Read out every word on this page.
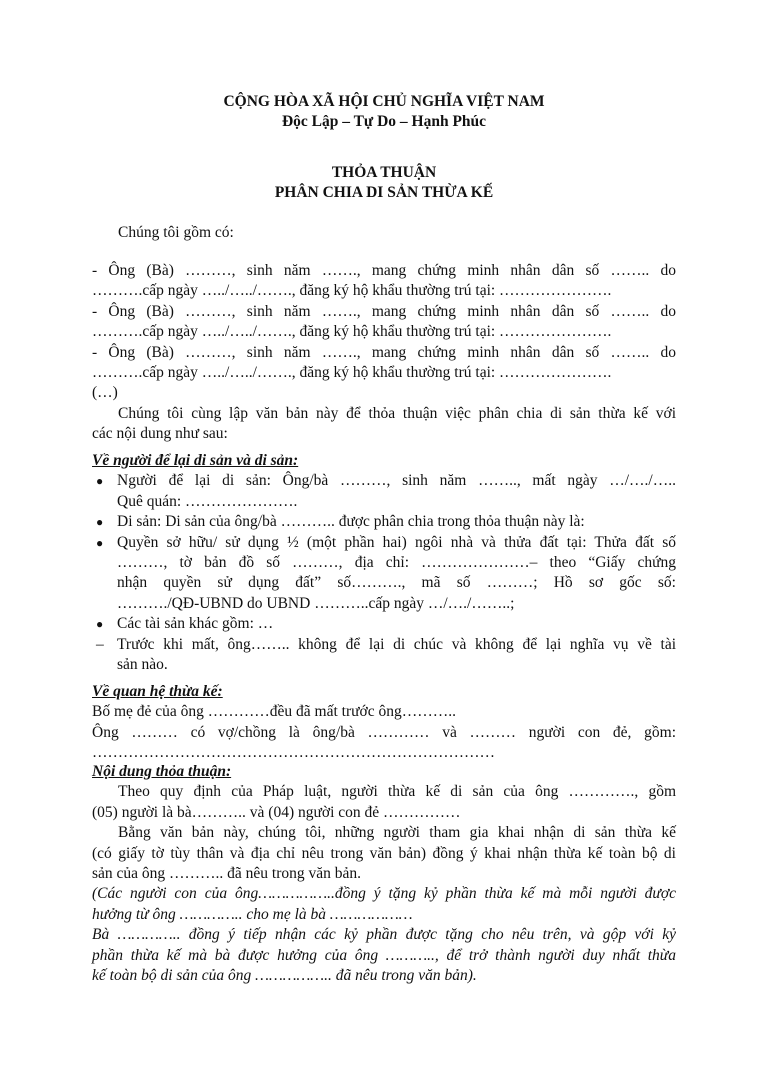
CỘNG HÒA XÃ HỘI CHỦ NGHĨA VIỆT NAM

Độc Lập – Tự Do – Hạnh Phúc

THỎA THUẬN

PHÂN CHIA DI SẢN THỪA KẾ

Chúng tôi gồm có:

- Ông (Bà) ………, sinh năm ……., mang chứng minh nhân dân số …….. do

……….cấp ngày …../…../……., đăng ký hộ khẩu thường trú tại: ………………….

- Ông (Bà) ………, sinh năm ……., mang chứng minh nhân dân số …….. do

……….cấp ngày …../…../……., đăng ký hộ khẩu thường trú tại: ………………….

- Ông (Bà) ………, sinh năm ……., mang chứng minh nhân dân số …….. do

……….cấp ngày …../…../……., đăng ký hộ khẩu thường trú tại: ………………….

(…)

Chúng tôi cùng lập văn bản này để thỏa thuận việc phân chia di sản thừa kế với

các nội dung như sau:

Về người để lại di sản và di sản:

● Người để lại di sản: Ông/bà ………, sinh năm …….., mất ngày …/…./…..

Quê quán: ………………….

● Di sản: Di sản của ông/bà ……….. được phân chia trong thỏa thuận này là:

● Quyền sở hữu/ sử dụng ½ (một phần hai) ngôi nhà và thửa đất tại: Thửa đất số

………, tờ bản đồ số ………, địa chỉ: …………………– theo “Giấy chứng

nhận quyền sử dụng đất” số………., mã số ………; Hồ sơ gốc số:

………./QĐ-UBND do UBND ………..cấp ngày …/…./……..;

● Các tài sản khác gồm: …

– Trước khi mất, ông…….. không để lại di chúc và không để lại nghĩa vụ về tài

sản nào.

Về quan hệ thừa kế:

Bố mẹ đẻ của ông …………đều đã mất trước ông………..

Ông ……… có vợ/chồng là ông/bà ………… và ……… người con đẻ, gồm:

……………………………………………………………………

Nội dung thỏa thuận:

Theo quy định của Pháp luật, người thừa kế di sản của ông …………., gồm

(05) người là bà……….. và (04) người con đẻ ……………

Bằng văn bản này, chúng tôi, những người tham gia khai nhận di sản thừa kế

(có giấy tờ tùy thân và địa chỉ nêu trong văn bản) đồng ý khai nhận thừa kế toàn bộ di

sản của ông ……….. đã nêu trong văn bản.

(Các người con của ông……………..đồng ý tặng kỷ phần thừa kế mà mỗi người được

hưởng từ ông ………….. cho mẹ là bà ………………

Bà ………….. đồng ý tiếp nhận các kỷ phần được tặng cho nêu trên, và gộp với kỷ

phần thừa kế mà bà được hưởng của ông ……….., để trở thành người duy nhất thừa

kế toàn bộ di sản của ông …………….. đã nêu trong văn bản).
